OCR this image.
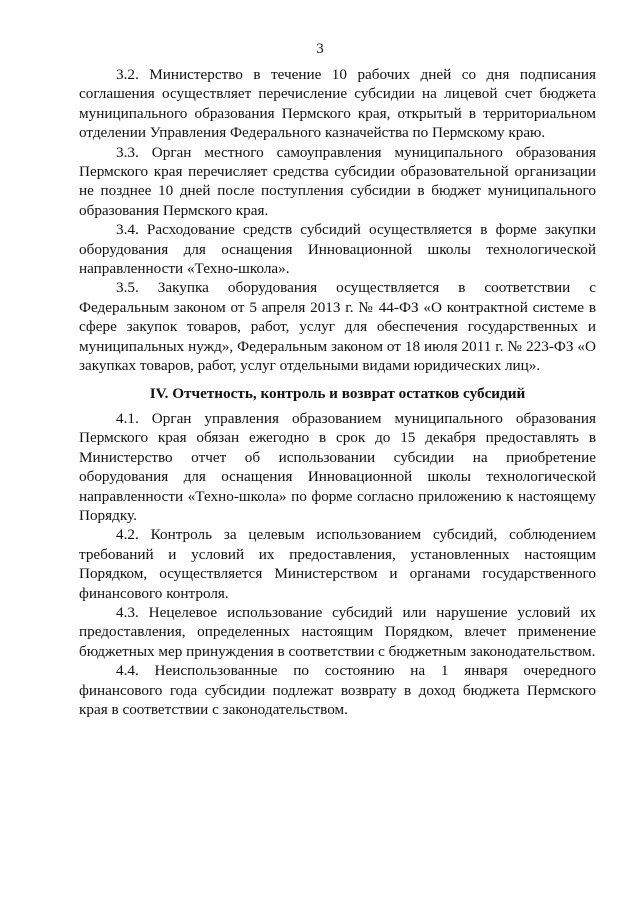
3

3.2. Министерство в течение 10 рабочих дней со дня подписания соглашения осуществляет перечисление субсидии на лицевой счет бюджета муниципального образования Пермского края, открытый в территориальном отделении Управления Федерального казначейства по Пермскому краю.

3.3. Орган местного самоуправления муниципального образования Пермского края перечисляет средства субсидии образовательной организации не позднее 10 дней после поступления субсидии в бюджет муниципального образования Пермского края.

3.4. Расходование средств субсидий осуществляется в форме закупки оборудования для оснащения Инновационной школы технологической направленности «Техно-школа».

3.5. Закупка оборудования осуществляется в соответствии с Федеральным законом от 5 апреля 2013 г. № 44-ФЗ «О контрактной системе в сфере закупок товаров, работ, услуг для обеспечения государственных и муниципальных нужд», Федеральным законом от 18 июля 2011 г. № 223-ФЗ «О закупках товаров, работ, услуг отдельными видами юридических лиц».

IV. Отчетность, контроль и возврат остатков субсидий

4.1. Орган управления образованием муниципального образования Пермского края обязан ежегодно в срок до 15 декабря предоставлять в Министерство отчет об использовании субсидии на приобретение оборудования для оснащения Инновационной школы технологической направленности «Техно-школа» по форме согласно приложению к настоящему Порядку.

4.2. Контроль за целевым использованием субсидий, соблюдением требований и условий их предоставления, установленных настоящим Порядком, осуществляется Министерством и органами государственного финансового контроля.

4.3. Нецелевое использование субсидий или нарушение условий их предоставления, определенных настоящим Порядком, влечет применение бюджетных мер принуждения в соответствии с бюджетным законодательством.

4.4. Неиспользованные по состоянию на 1 января очередного финансового года субсидии подлежат возврату в доход бюджета Пермского края в соответствии с законодательством.
